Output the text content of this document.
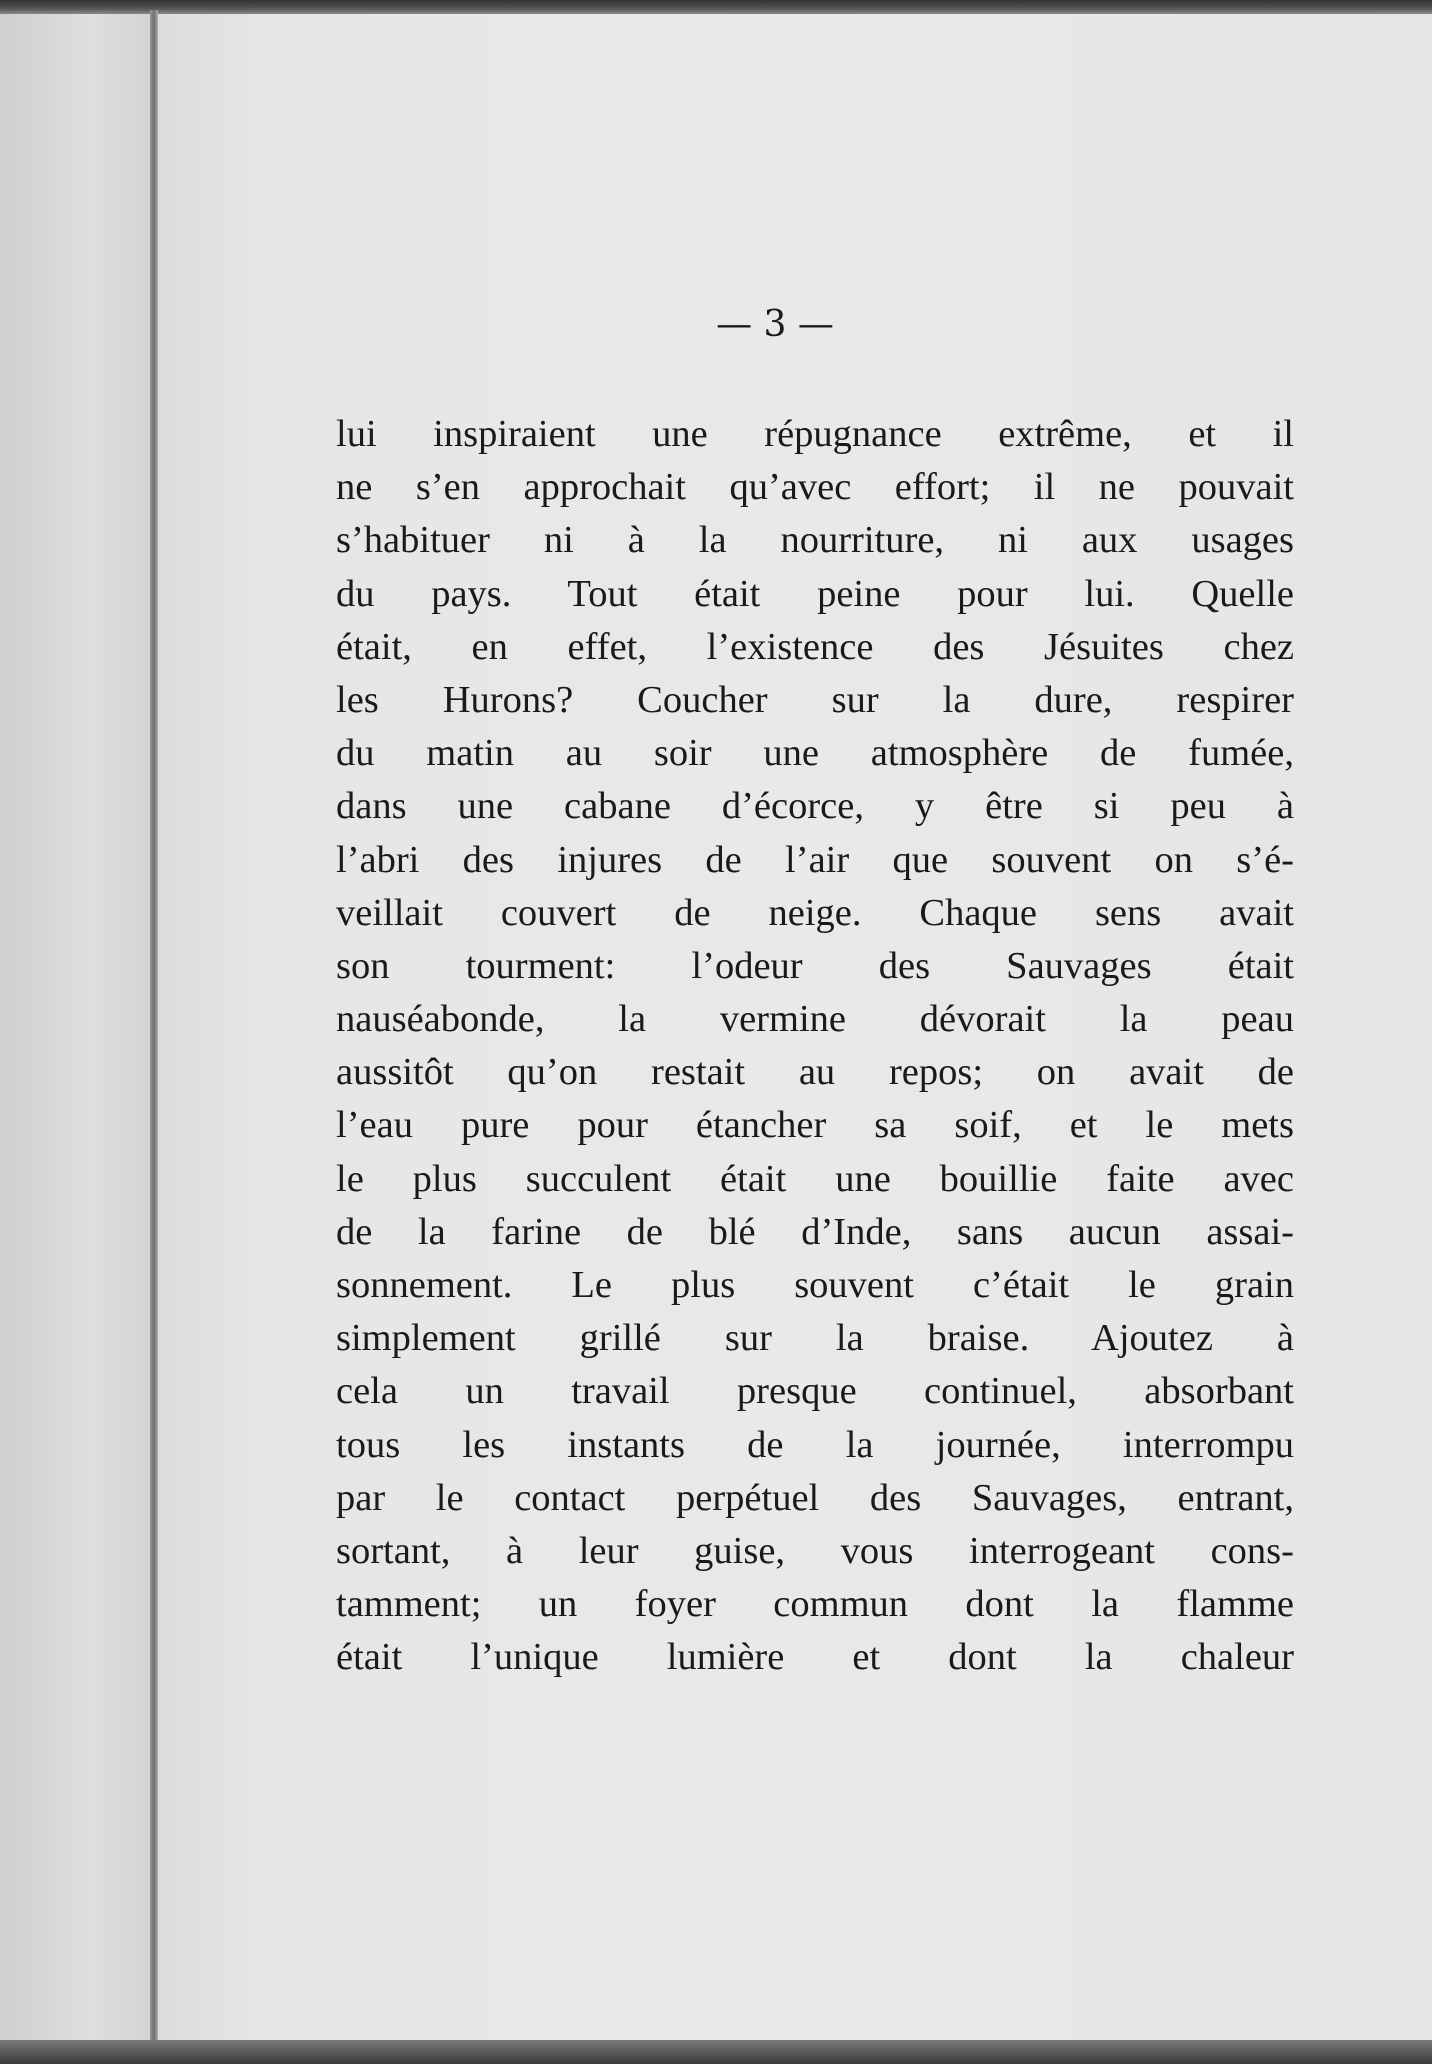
— 3 —
lui inspiraient une répugnance extrême, et il
ne s’en approchait qu’avec effort; il ne pouvait
s’habituer ni à la nourriture, ni aux usages
du pays. Tout était peine pour lui. Quelle
était, en effet, l’existence des Jésuites chez
les Hurons? Coucher sur la dure, respirer
du matin au soir une atmosphère de fumée,
dans une cabane d’écorce, y être si peu à
l’abri des injures de l’air que souvent on s’é-
veillait couvert de neige. Chaque sens avait
son tourment: l’odeur des Sauvages était
nauséabonde, la vermine dévorait la peau
aussitôt qu’on restait au repos; on avait de
l’eau pure pour étancher sa soif, et le mets
le plus succulent était une bouillie faite avec
de la farine de blé d’Inde, sans aucun assai-
sonnement. Le plus souvent c’était le grain
simplement grillé sur la braise. Ajoutez à
cela un travail presque continuel, absorbant
tous les instants de la journée, interrompu
par le contact perpétuel des Sauvages, entrant,
sortant, à leur guise, vous interrogeant cons-
tamment; un foyer commun dont la flamme
était l’unique lumière et dont la chaleur
